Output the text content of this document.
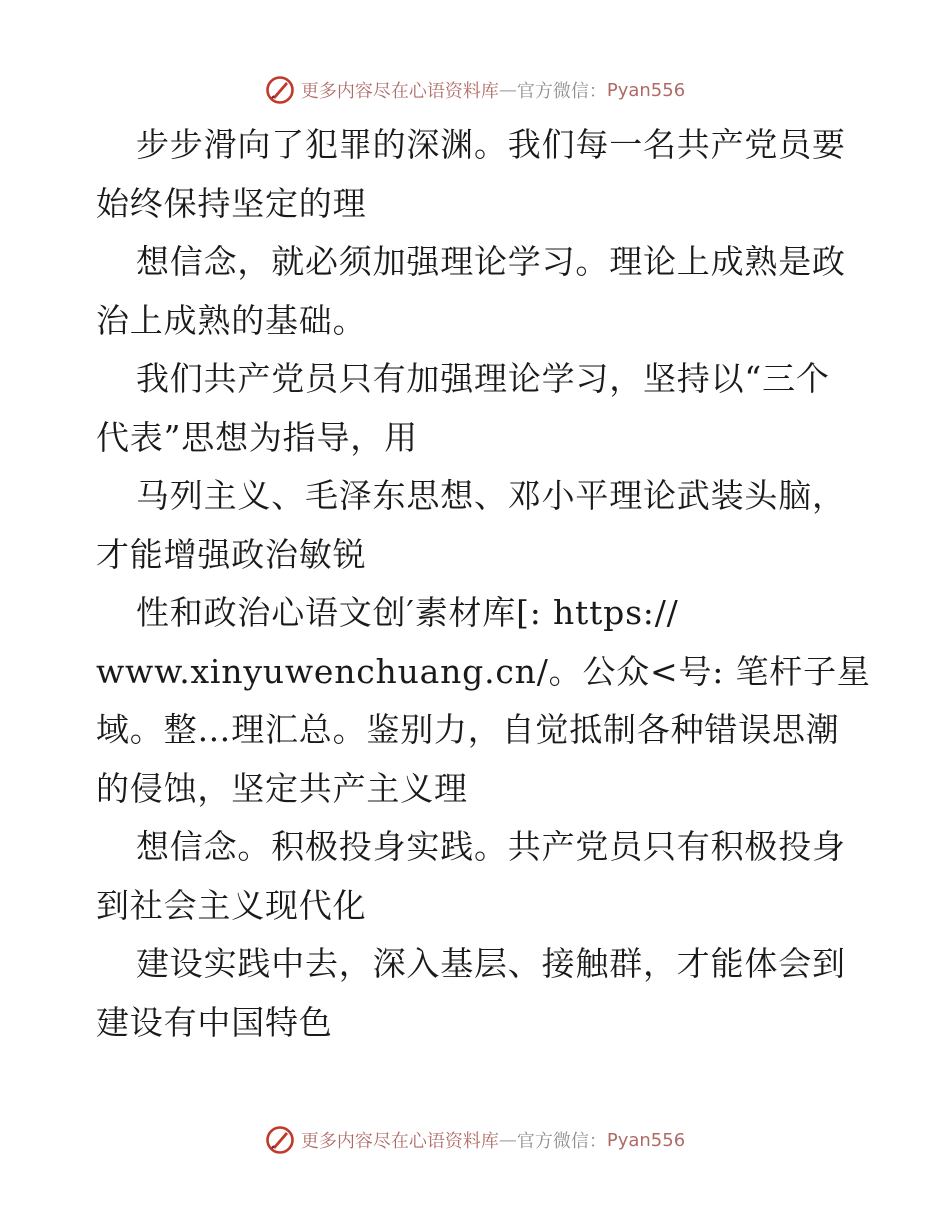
更多内容尽在心语资料库 — 官方微信： Pyan556

步步滑向了犯罪的深渊。我们每一名共产党员要

始终保持坚定的理

想信念，就必须加强理论学习。理论上成熟是政

治上成熟的基础。

我们共产党员只有加强理论学习，坚持以“三个

代表”思想为指导，用

马列主义、毛泽东思想、邓小平理论武装头脑，

才能增强政治敏锐

性和政治心语文创′素材库[: https://

www.xinyuwenchuang.cn/。公众<号: 笔杆子星

域。整…理汇总。鉴别力，自觉抵制各种错误思潮

的侵蚀，坚定共产主义理

想信念。积极投身实践。共产党员只有积极投身

到社会主义现代化

建设实践中去，深入基层、接触群，才能体会到

建设有中国特色

更多内容尽在心语资料库 — 官方微信： Pyan556
